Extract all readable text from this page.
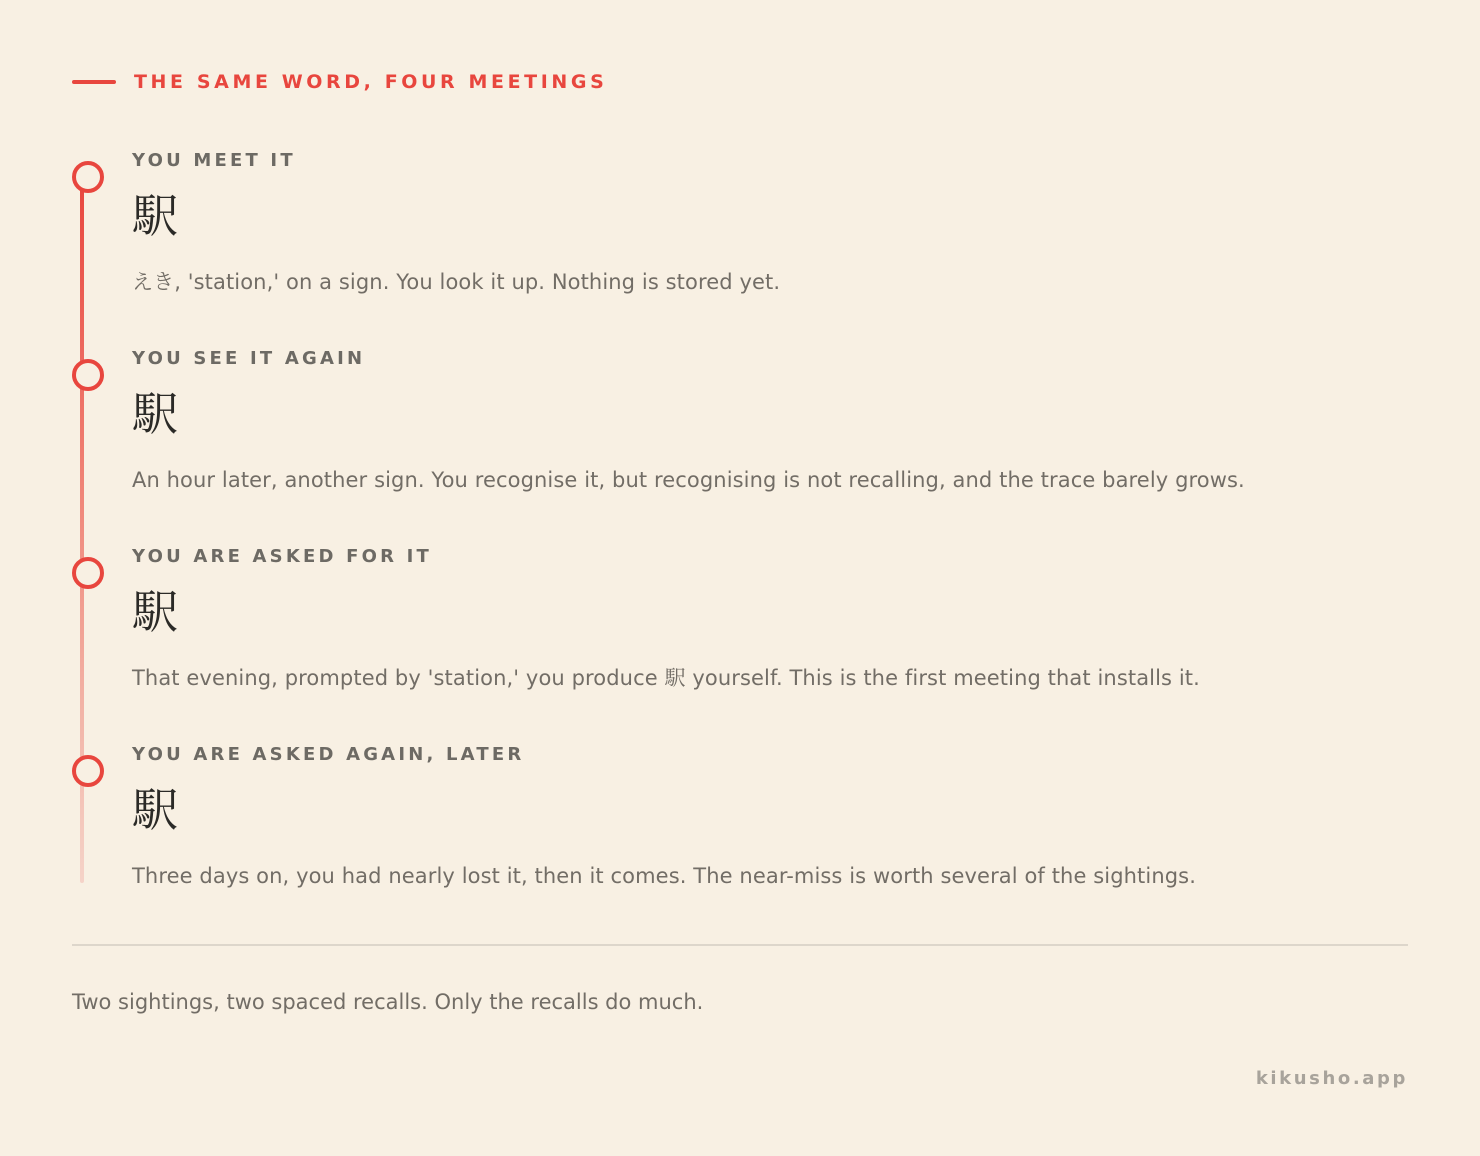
THE SAME WORD, FOUR MEETINGS
YOU MEET IT
駅
えき, 'station,' on a sign. You look it up. Nothing is stored yet.
YOU SEE IT AGAIN
駅
An hour later, another sign. You recognise it, but recognising is not recalling, and the trace barely grows.
YOU ARE ASKED FOR IT
駅
That evening, prompted by 'station,' you produce 駅 yourself. This is the first meeting that installs it.
YOU ARE ASKED AGAIN, LATER
駅
Three days on, you had nearly lost it, then it comes. The near-miss is worth several of the sightings.
Two sightings, two spaced recalls. Only the recalls do much.
kikusho.app
